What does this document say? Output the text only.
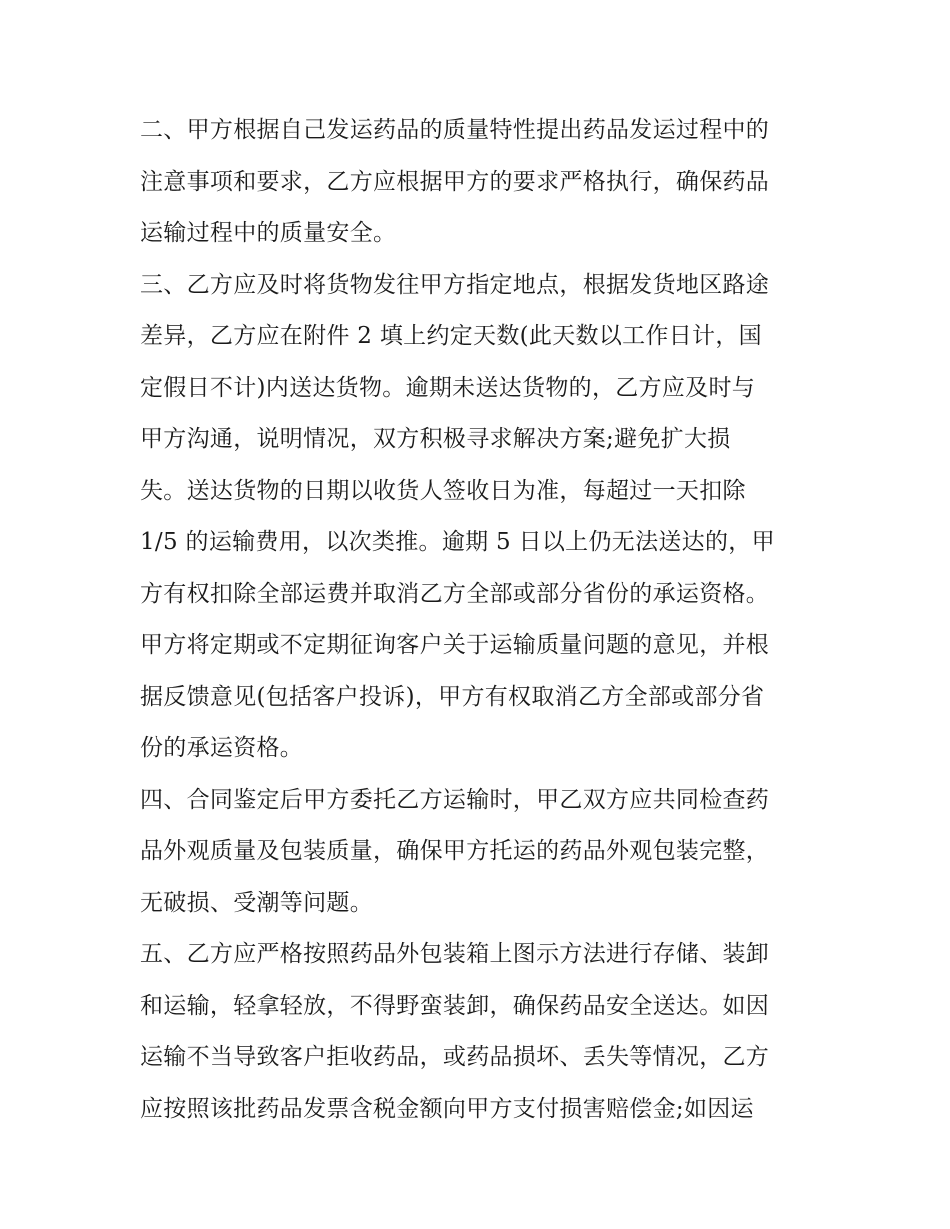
二、甲方根据自己发运药品的质量特性提出药品发运过程中的
注意事项和要求，乙方应根据甲方的要求严格执行，确保药品
运输过程中的质量安全。
三、乙方应及时将货物发往甲方指定地点，根据发货地区路途
差异，乙方应在附件 2 填上约定天数(此天数以工作日计，国
定假日不计)内送达货物。逾期未送达货物的，乙方应及时与
甲方沟通，说明情况，双方积极寻求解决方案;避免扩大损
失。送达货物的日期以收货人签收日为准，每超过一天扣除
1/5 的运输费用，以次类推。逾期 5 日以上仍无法送达的，甲
方有权扣除全部运费并取消乙方全部或部分省份的承运资格。
甲方将定期或不定期征询客户关于运输质量问题的意见，并根
据反馈意见(包括客户投诉)，甲方有权取消乙方全部或部分省
份的承运资格。
四、合同鉴定后甲方委托乙方运输时，甲乙双方应共同检查药
品外观质量及包装质量，确保甲方托运的药品外观包装完整，
无破损、受潮等问题。
五、乙方应严格按照药品外包装箱上图示方法进行存储、装卸
和运输，轻拿轻放，不得野蛮装卸，确保药品安全送达。如因
运输不当导致客户拒收药品，或药品损坏、丢失等情况，乙方
应按照该批药品发票含税金额向甲方支付损害赔偿金;如因运
